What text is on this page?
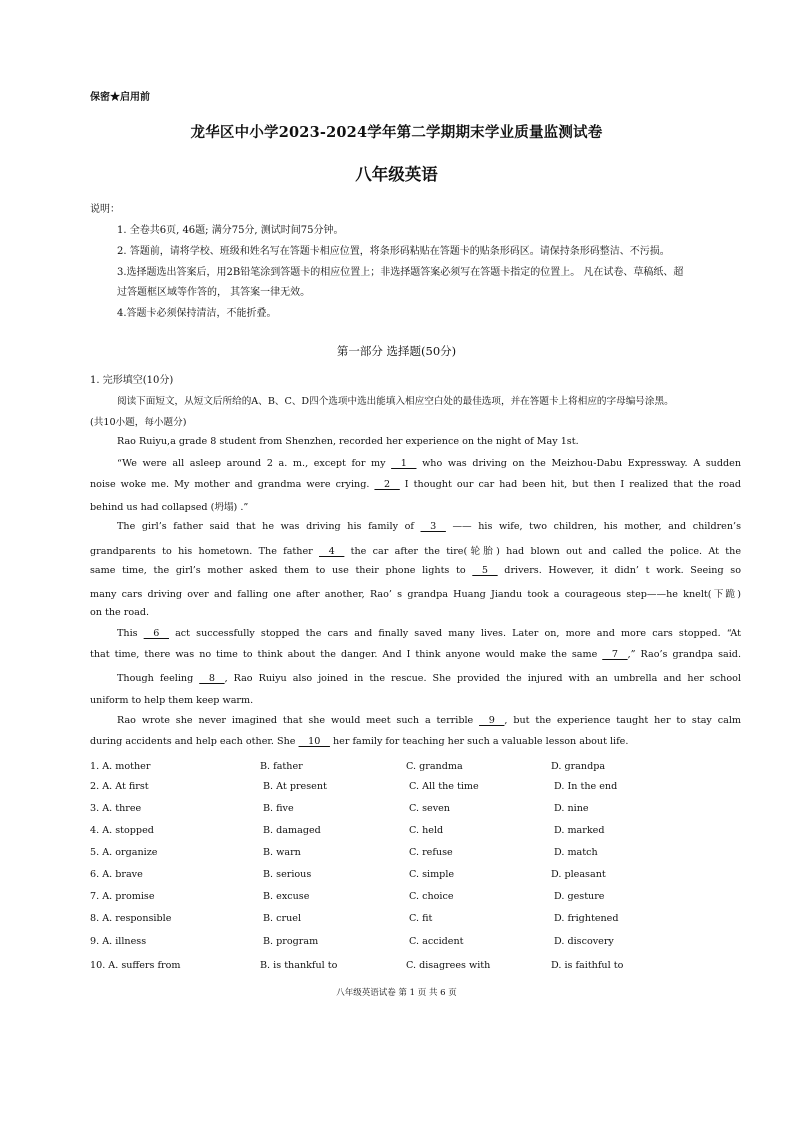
保密★启用前
龙华区中小学2023-2024学年第二学期期末学业质量监测试卷
八年级英语
说明：
1. 全卷共6页, 46题; 满分75分, 测试时间75分钟。
2. 答题前，请将学校、班级和姓名写在答题卡相应位置，将条形码粘贴在答题卡的贴条形码区。请保持条形码整洁、不污损。
3.选择题选出答案后，用2B铅笔涂到答题卡的相应位置上；非选择题答案必须写在答题卡指定的位置上。 凡在试卷、草稿纸、超
过答题框区域等作答的， 其答案一律无效。
4.答题卡必须保持清洁，不能折叠。
第一部分 选择题(50分)
1. 完形填空(10分)
阅读下面短文，从短文后所给的A、B、C、D四个选项中选出能填入相应空白处的最佳选项，并在答题卡上将相应的字母编号涂黑。
(共10小题，每小题分)
Rao Ruiyu,a grade 8 student from Shenzhen, recorded her experience on the night of May 1st.
“We were all asleep around 2 a. m., except for my __1__ who was driving on the Meizhou-Dabu Expressway. A sudden
noise woke me. My mother and grandma were crying. __2__ I thought our car had been hit, but then I realized that the road
behind us had collapsed (坍塌) .”
The girl’s father said that he was driving his family of __3__ —— his wife, two children, his mother, and children’s
grandparents to his hometown. The father __4__ the car after the tire(轮胎) had blown out and called the police. At the
same time, the girl’s mother asked them to use their phone lights to __5__ drivers. However, it didn’ t work. Seeing so
many cars driving over and falling one after another, Rao’ s grandpa Huang Jiandu took a courageous step——he knelt(下跪)
on the road.
This __6__ act successfully stopped the cars and finally saved many lives. Later on, more and more cars stopped. “At
that time, there was no time to think about the danger. And I think anyone would make the same __7__,” Rao’s grandpa said.
Though feeling __8__, Rao Ruiyu also joined in the rescue. She provided the injured with an umbrella and her school
uniform to help them keep warm.
Rao wrote she never imagined that she would meet such a terrible __9__, but the experience taught her to stay calm
during accidents and help each other. She __10__ her family for teaching her such a valuable lesson about life.
1. A. mother	B. father	C. grandma	D. grandpa
2. A. At first	B. At present	C. All the time	D. In the end
3. A. three	B. five	C. seven	D. nine
4. A. stopped	B. damaged	C. held	D. marked
5. A. organize	B. warn	C. refuse	D. match
6. A. brave	B. serious	C. simple	D. pleasant
7. A. promise	B. excuse	C. choice	D. gesture
8. A. responsible	B. cruel	C. fit	D. frightened
9. A. illness	B. program	C. accident	D. discovery
10. A. suffers from	B. is thankful to	C. disagrees with	D. is faithful to
八年级英语试卷 第 1 页 共 6 页
